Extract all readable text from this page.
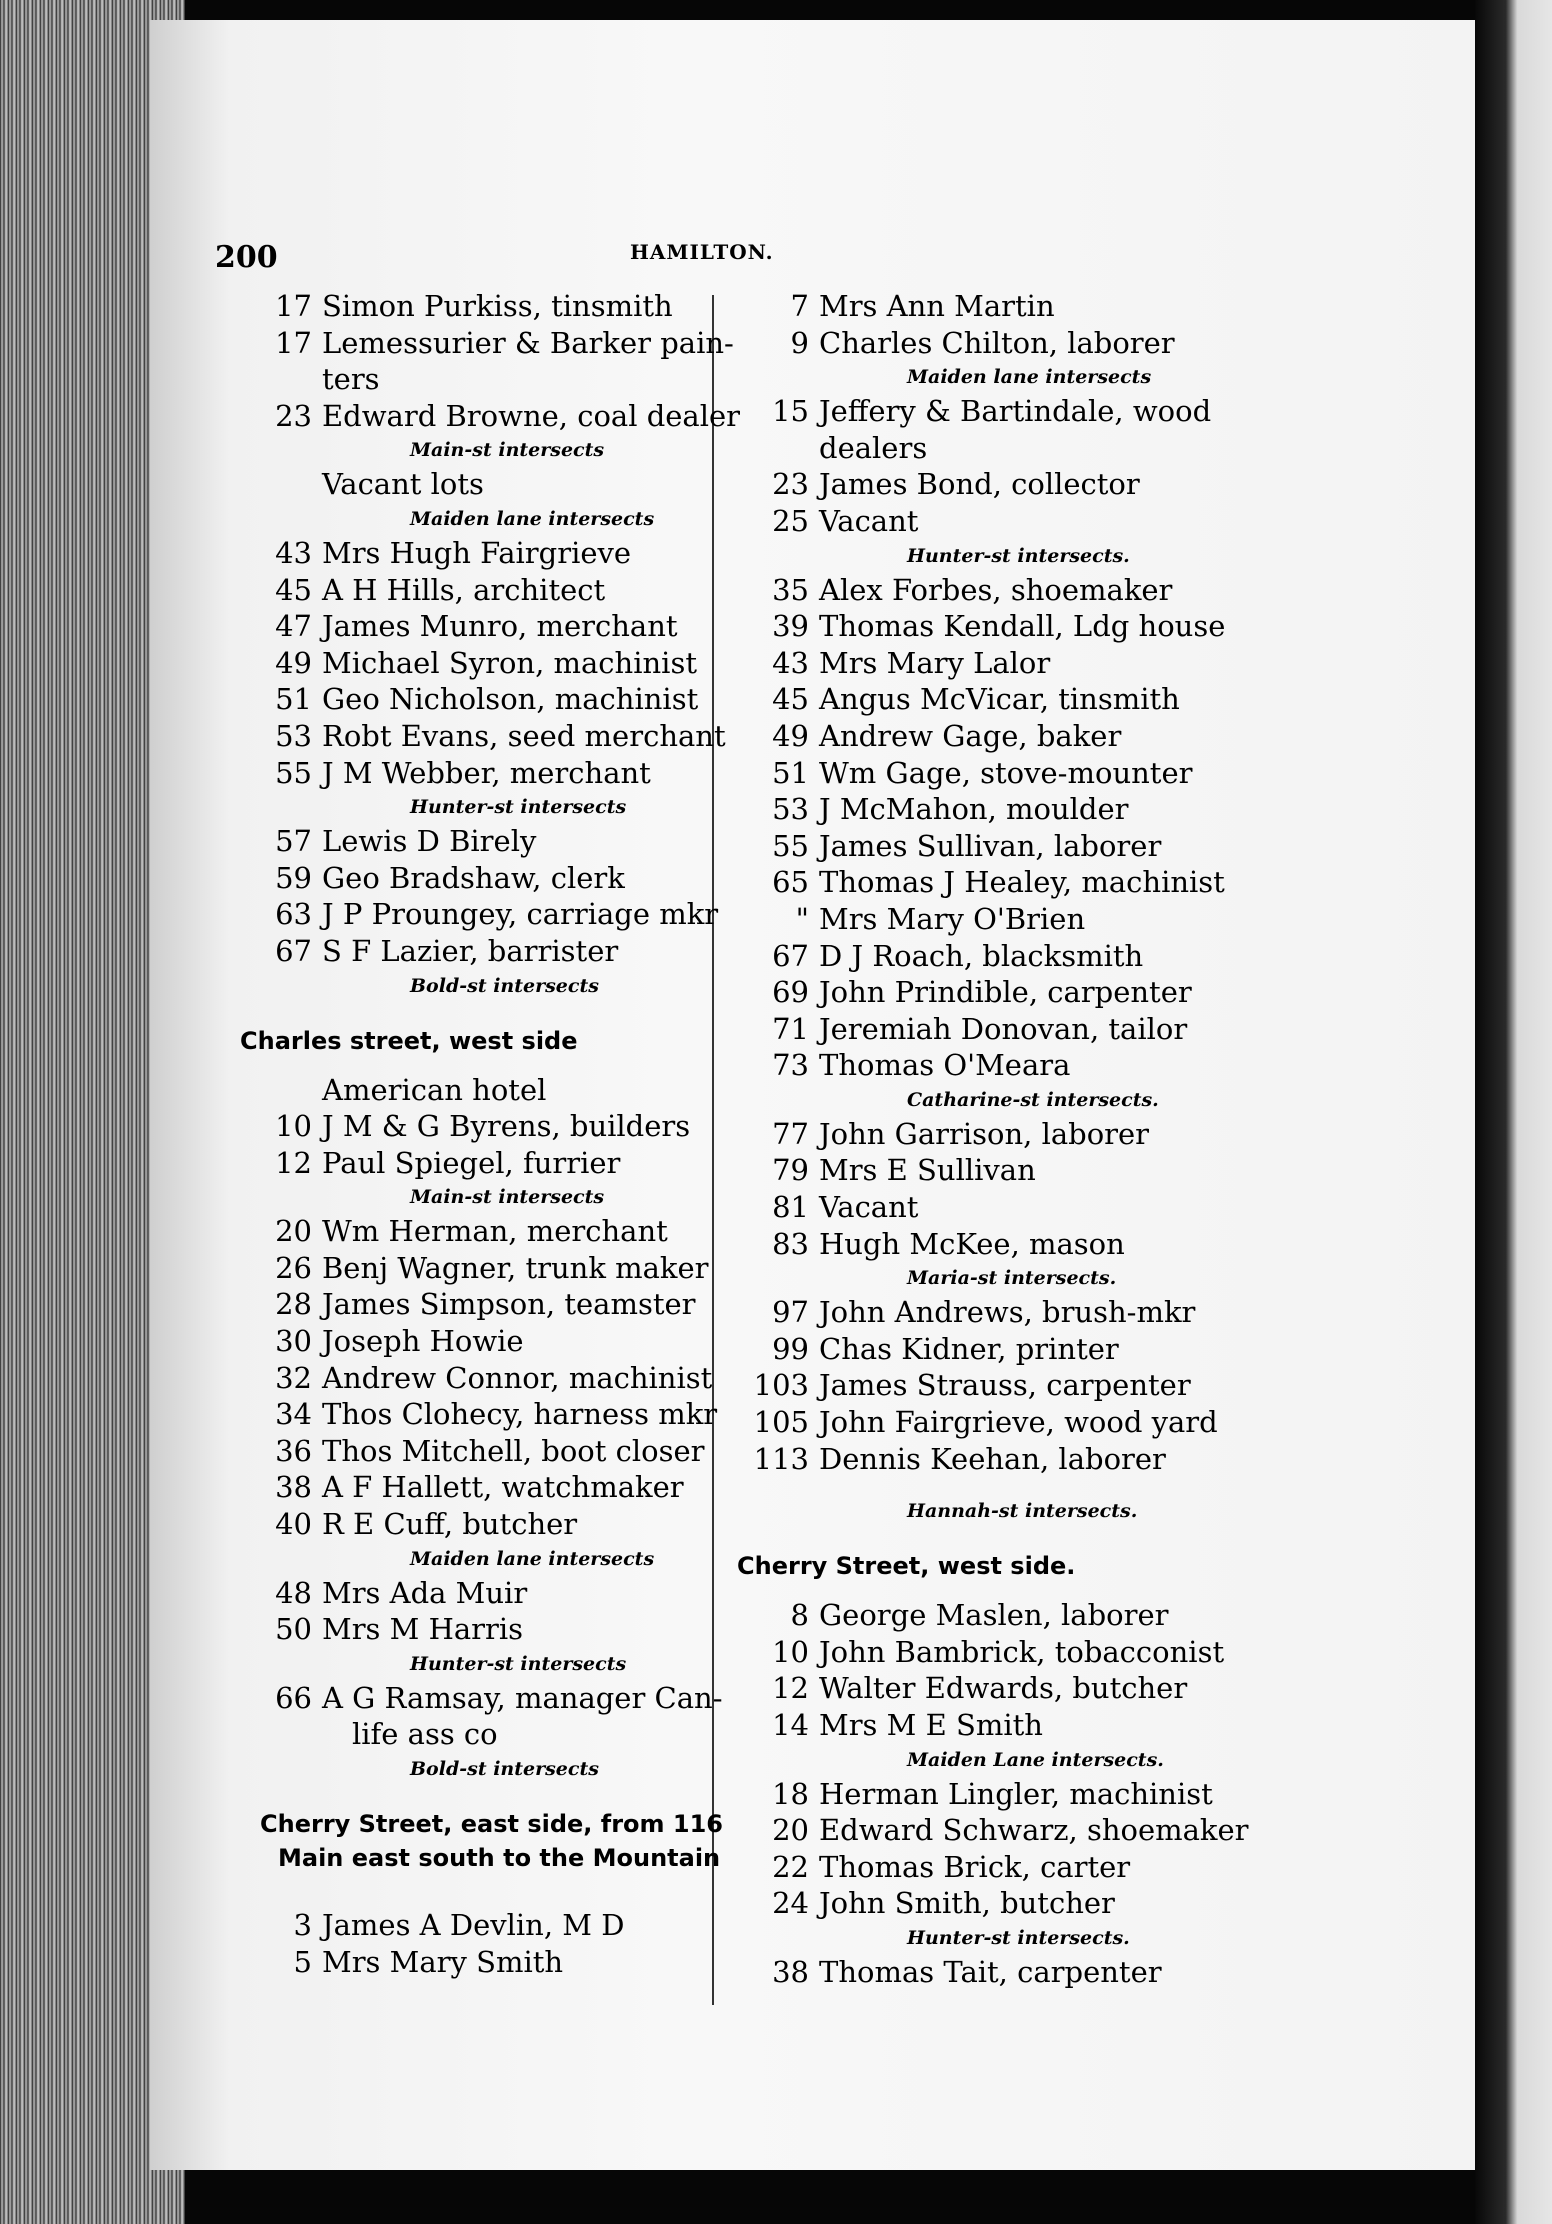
200	HAMILTON.
17 Simon Purkiss, tinsmith
17 Lemessurier & Barker pain-
ters
23 Edward Browne, coal dealer
Main-st intersects
Vacant lots
Maiden lane intersects
43 Mrs Hugh Fairgrieve
45 A H Hills, architect
47 James Munro, merchant
49 Michael Syron, machinist
51 Geo Nicholson, machinist
53 Robt Evans, seed merchant
55 J M Webber, merchant
Hunter-st intersects
57 Lewis D Birely
59 Geo Bradshaw, clerk
63 J P Proungey, carriage mkr
67 S F Lazier, barrister
Bold-st intersects
Charles street, west side
American hotel
10 J M & G Byrens, builders
12 Paul Spiegel, furrier
Main-st intersects
20 Wm Herman, merchant
26 Benj Wagner, trunk maker
28 James Simpson, teamster
30 Joseph Howie
32 Andrew Connor, machinist
34 Thos Clohecy, harness mkr
36 Thos Mitchell, boot closer
38 A F Hallett, watchmaker
40 R E Cuff, butcher
Maiden lane intersects
48 Mrs Ada Muir
50 Mrs M Harris
Hunter-st intersects
66 A G Ramsay, manager Can-
life ass co
Bold-st intersects
Cherry Street, east side, from 116
Main east south to the Mountain
3 James A Devlin, M D
5 Mrs Mary Smith
7 Mrs Ann Martin
9 Charles Chilton, laborer
Maiden lane intersects
15 Jeffery & Bartindale, wood
dealers
23 James Bond, collector
25 Vacant
Hunter-st intersects.
35 Alex Forbes, shoemaker
39 Thomas Kendall, Ldg house
43 Mrs Mary Lalor
45 Angus McVicar, tinsmith
49 Andrew Gage, baker
51 Wm Gage, stove-mounter
53 J McMahon, moulder
55 James Sullivan, laborer
65 Thomas J Healey, machinist
" Mrs Mary O'Brien
67 D J Roach, blacksmith
69 John Prindible, carpenter
71 Jeremiah Donovan, tailor
73 Thomas O'Meara
Catharine-st intersects.
77 John Garrison, laborer
79 Mrs E Sullivan
81 Vacant
83 Hugh McKee, mason
Maria-st intersects.
97 John Andrews, brush-mkr
99 Chas Kidner, printer
103 James Strauss, carpenter
105 John Fairgrieve, wood yard
113 Dennis Keehan, laborer
Hannah-st intersects.
Cherry Street, west side.
8 George Maslen, laborer
10 John Bambrick, tobacconist
12 Walter Edwards, butcher
14 Mrs M E Smith
Maiden Lane intersects.
18 Herman Lingler, machinist
20 Edward Schwarz, shoemaker
22 Thomas Brick, carter
24 John Smith, butcher
Hunter-st intersects.
38 Thomas Tait, carpenter
